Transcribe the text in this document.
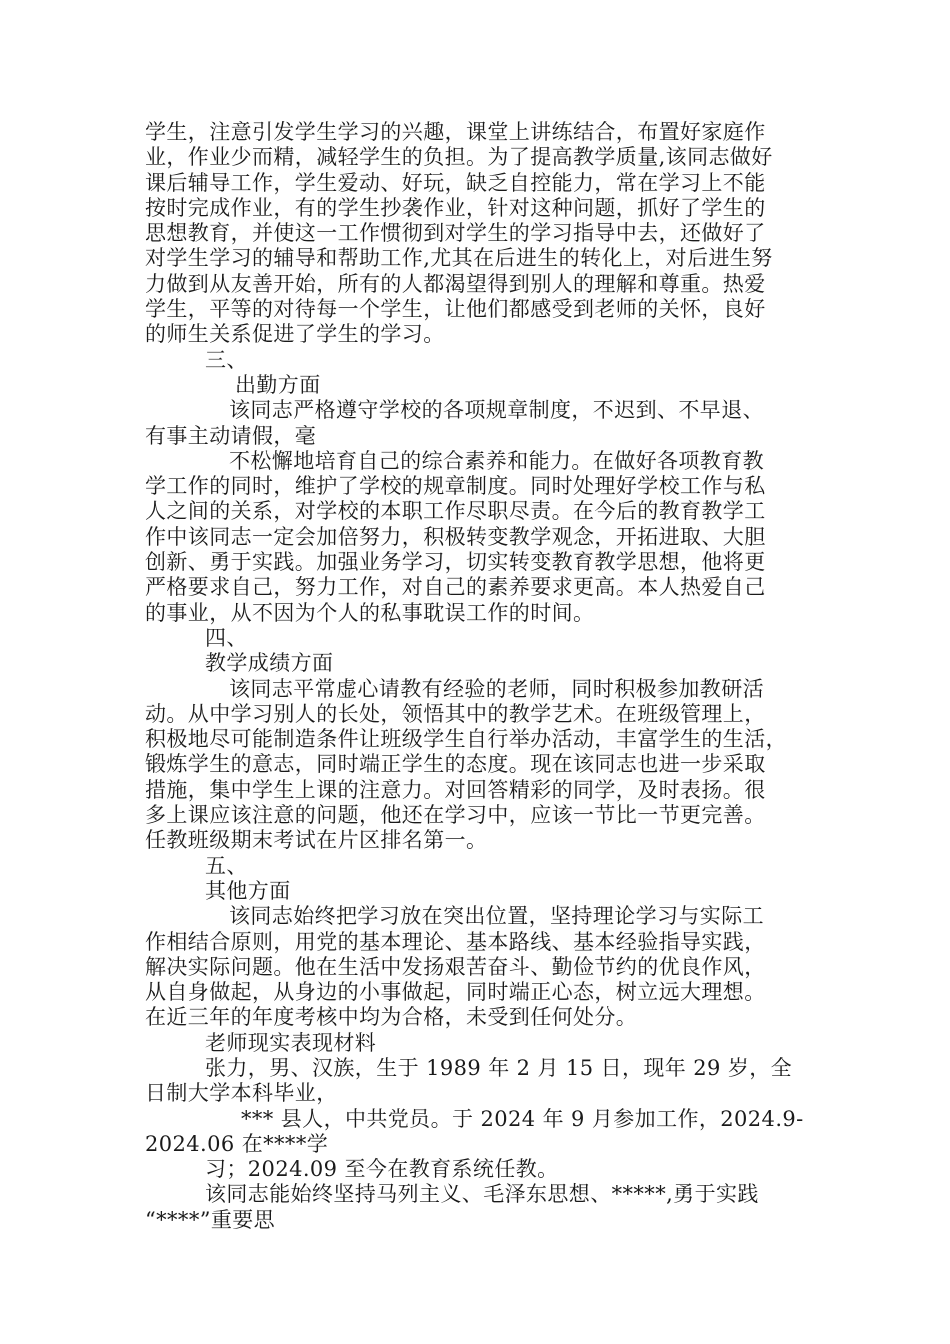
学生，注意引发学生学习的兴趣，课堂上讲练结合，布置好家庭作
业，作业少而精，减轻学生的负担。为了提高教学质量,该同志做好
课后辅导工作，学生爱动、好玩，缺乏自控能力，常在学习上不能
按时完成作业，有的学生抄袭作业，针对这种问题，抓好了学生的
思想教育，并使这一工作惯彻到对学生的学习指导中去，还做好了
对学生学习的辅导和帮助工作,尤其在后进生的转化上，对后进生努
力做到从友善开始，所有的人都渴望得到别人的理解和尊重。热爱
学生，平等的对待每一个学生，让他们都感受到老师的关怀，良好
的师生关系促进了学生的学习。
三、
出勤方面
该同志严格遵守学校的各项规章制度，不迟到、不早退、
有事主动请假，毫
不松懈地培育自己的综合素养和能力。在做好各项教育教
学工作的同时，维护了学校的规章制度。同时处理好学校工作与私
人之间的关系，对学校的本职工作尽职尽责。在今后的教育教学工
作中该同志一定会加倍努力，积极转变教学观念，开拓进取、大胆
创新、勇于实践。加强业务学习，切实转变教育教学思想，他将更
严格要求自己，努力工作，对自己的素养要求更高。本人热爱自己
的事业，从不因为个人的私事耽误工作的时间。
四、
教学成绩方面
该同志平常虚心请教有经验的老师，同时积极参加教研活
动。从中学习别人的长处，领悟其中的教学艺术。在班级管理上，
积极地尽可能制造条件让班级学生自行举办活动，丰富学生的生活，
锻炼学生的意志，同时端正学生的态度。现在该同志也进一步采取
措施，集中学生上课的注意力。对回答精彩的同学，及时表扬。很
多上课应该注意的问题，他还在学习中，应该一节比一节更完善。
任教班级期末考试在片区排名第一。
五、
其他方面
该同志始终把学习放在突出位置，坚持理论学习与实际工
作相结合原则，用党的基本理论、基本路线、基本经验指导实践，
解决实际问题。他在生活中发扬艰苦奋斗、勤俭节约的优良作风，
从自身做起，从身边的小事做起，同时端正心态，树立远大理想。
在近三年的年度考核中均为合格，未受到任何处分。
老师现实表现材料
张力，男、汉族，生于 1989 年 2 月 15 日，现年 29 岁，全
日制大学本科毕业，
*** 县人，中共党员。于 2024 年 9 月参加工作，2024.9-
2024.06 在****学
习；2024.09 至今在教育系统任教。
该同志能始终坚持马列主义、毛泽东思想、*****,勇于实践
“****”重要思
